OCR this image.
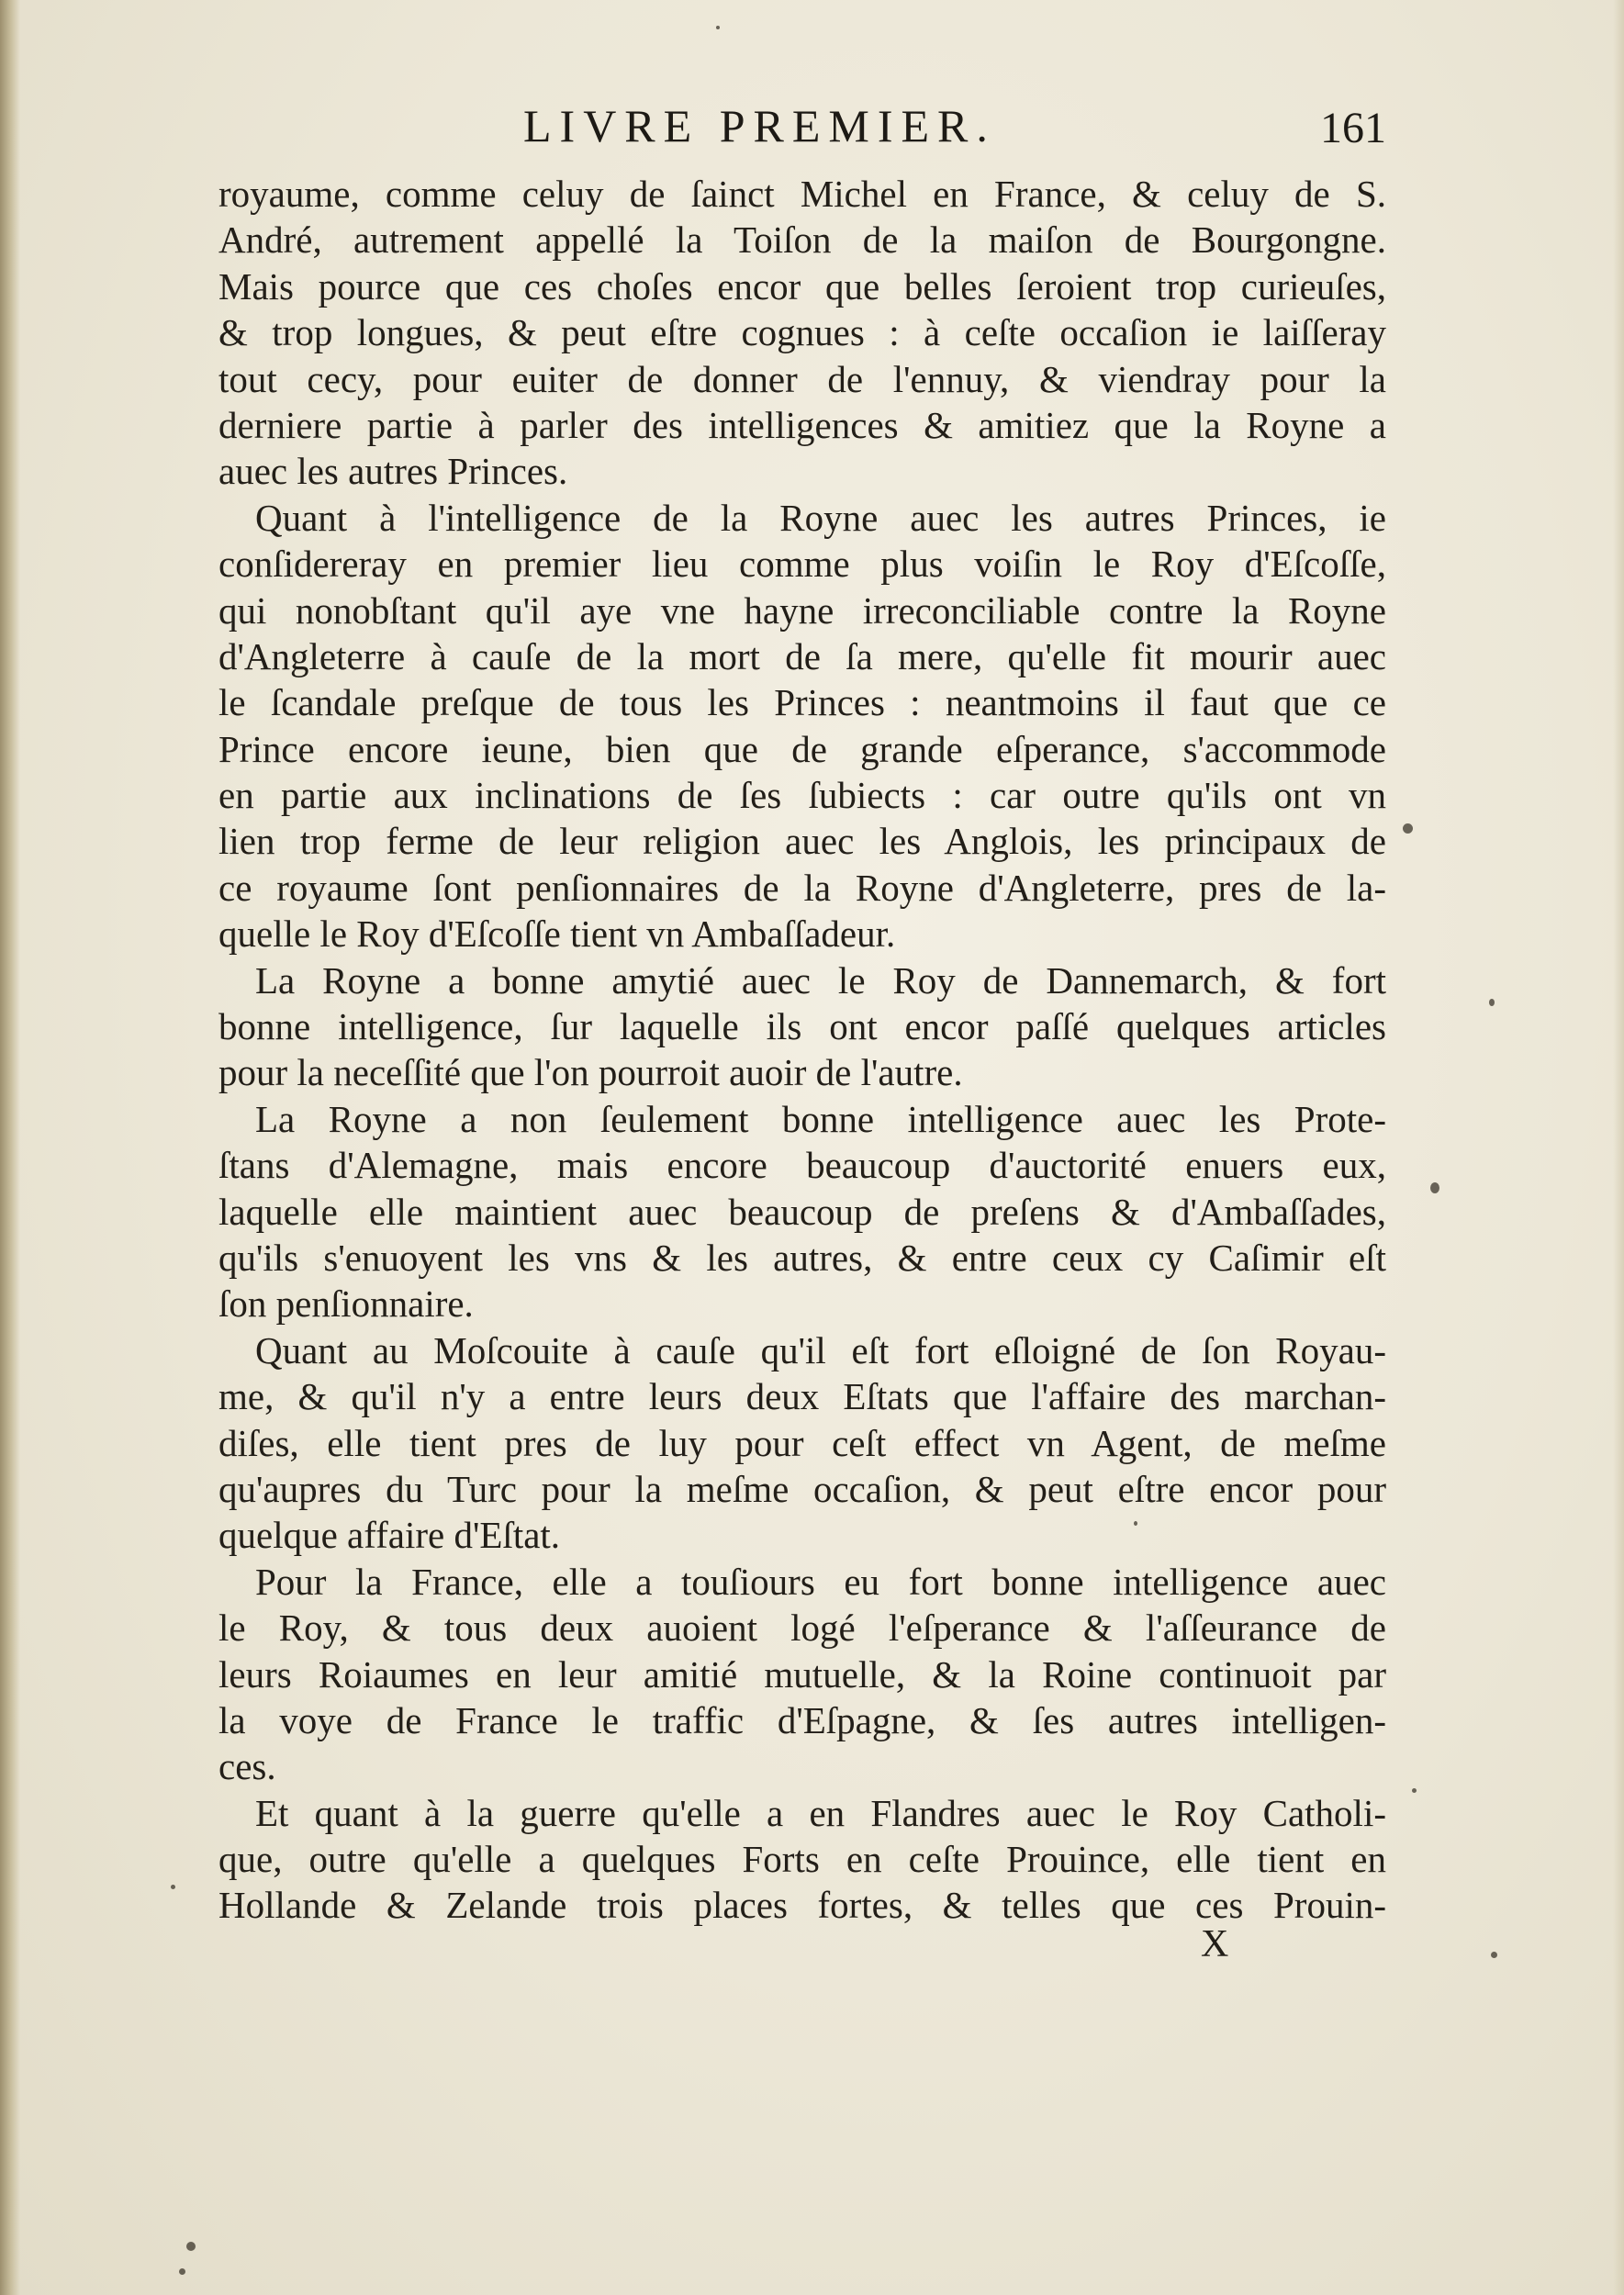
LIVRE PREMIER.	161
royaume, comme celuy de ſainct Michel en France, & celuy de S.
André, autrement appellé la Toiſon de la maiſon de Bourgongne.
Mais pource que ces choſes encor que belles ſeroient trop curieuſes,
& trop longues, & peut eſtre cognues : à ceſte occaſion ie laiſſeray
tout cecy, pour euiter de donner de l'ennuy, & viendray pour la
derniere partie à parler des intelligences & amitiez que la Royne a
auec les autres Princes.
Quant à l'intelligence de la Royne auec les autres Princes, ie
conſidereray en premier lieu comme plus voiſin le Roy d'Eſcoſſe,
qui nonobſtant qu'il aye vne hayne irreconciliable contre la Royne
d'Angleterre à cauſe de la mort de ſa mere, qu'elle fit mourir auec
le ſcandale preſque de tous les Princes : neantmoins il faut que ce
Prince encore ieune, bien que de grande eſperance, s'accommode
en partie aux inclinations de ſes ſubiects : car outre qu'ils ont vn
lien trop ferme de leur religion auec les Anglois, les principaux de
ce royaume ſont penſionnaires de la Royne d'Angleterre, pres de la-
quelle le Roy d'Eſcoſſe tient vn Ambaſſadeur.
La Royne a bonne amytié auec le Roy de Dannemarch, & fort
bonne intelligence, ſur laquelle ils ont encor paſſé quelques articles
pour la neceſſité que l'on pourroit auoir de l'autre.
La Royne a non ſeulement bonne intelligence auec les Prote-
ſtans d'Alemagne, mais encore beaucoup d'auctorité enuers eux,
laquelle elle maintient auec beaucoup de preſens & d'Ambaſſades,
qu'ils s'enuoyent les vns & les autres, & entre ceux cy Caſimir eſt
ſon penſionnaire.
Quant au Moſcouite à cauſe qu'il eſt fort eſloigné de ſon Royau-
me, & qu'il n'y a entre leurs deux Eſtats que l'affaire des marchan-
diſes, elle tient pres de luy pour ceſt effect vn Agent, de meſme
qu'aupres du Turc pour la meſme occaſion, & peut eſtre encor pour
quelque affaire d'Eſtat.
Pour la France, elle a touſiours eu fort bonne intelligence auec
le Roy, & tous deux auoient logé l'eſperance & l'aſſeurance de
leurs Roiaumes en leur amitié mutuelle, & la Roine continuoit par
la voye de France le traffic d'Eſpagne, & ſes autres intelligen-
ces.
Et quant à la guerre qu'elle a en Flandres auec le Roy Catholi-
que, outre qu'elle a quelques Forts en ceſte Prouince, elle tient en
Hollande & Zelande trois places fortes, & telles que ces Prouin-
X
